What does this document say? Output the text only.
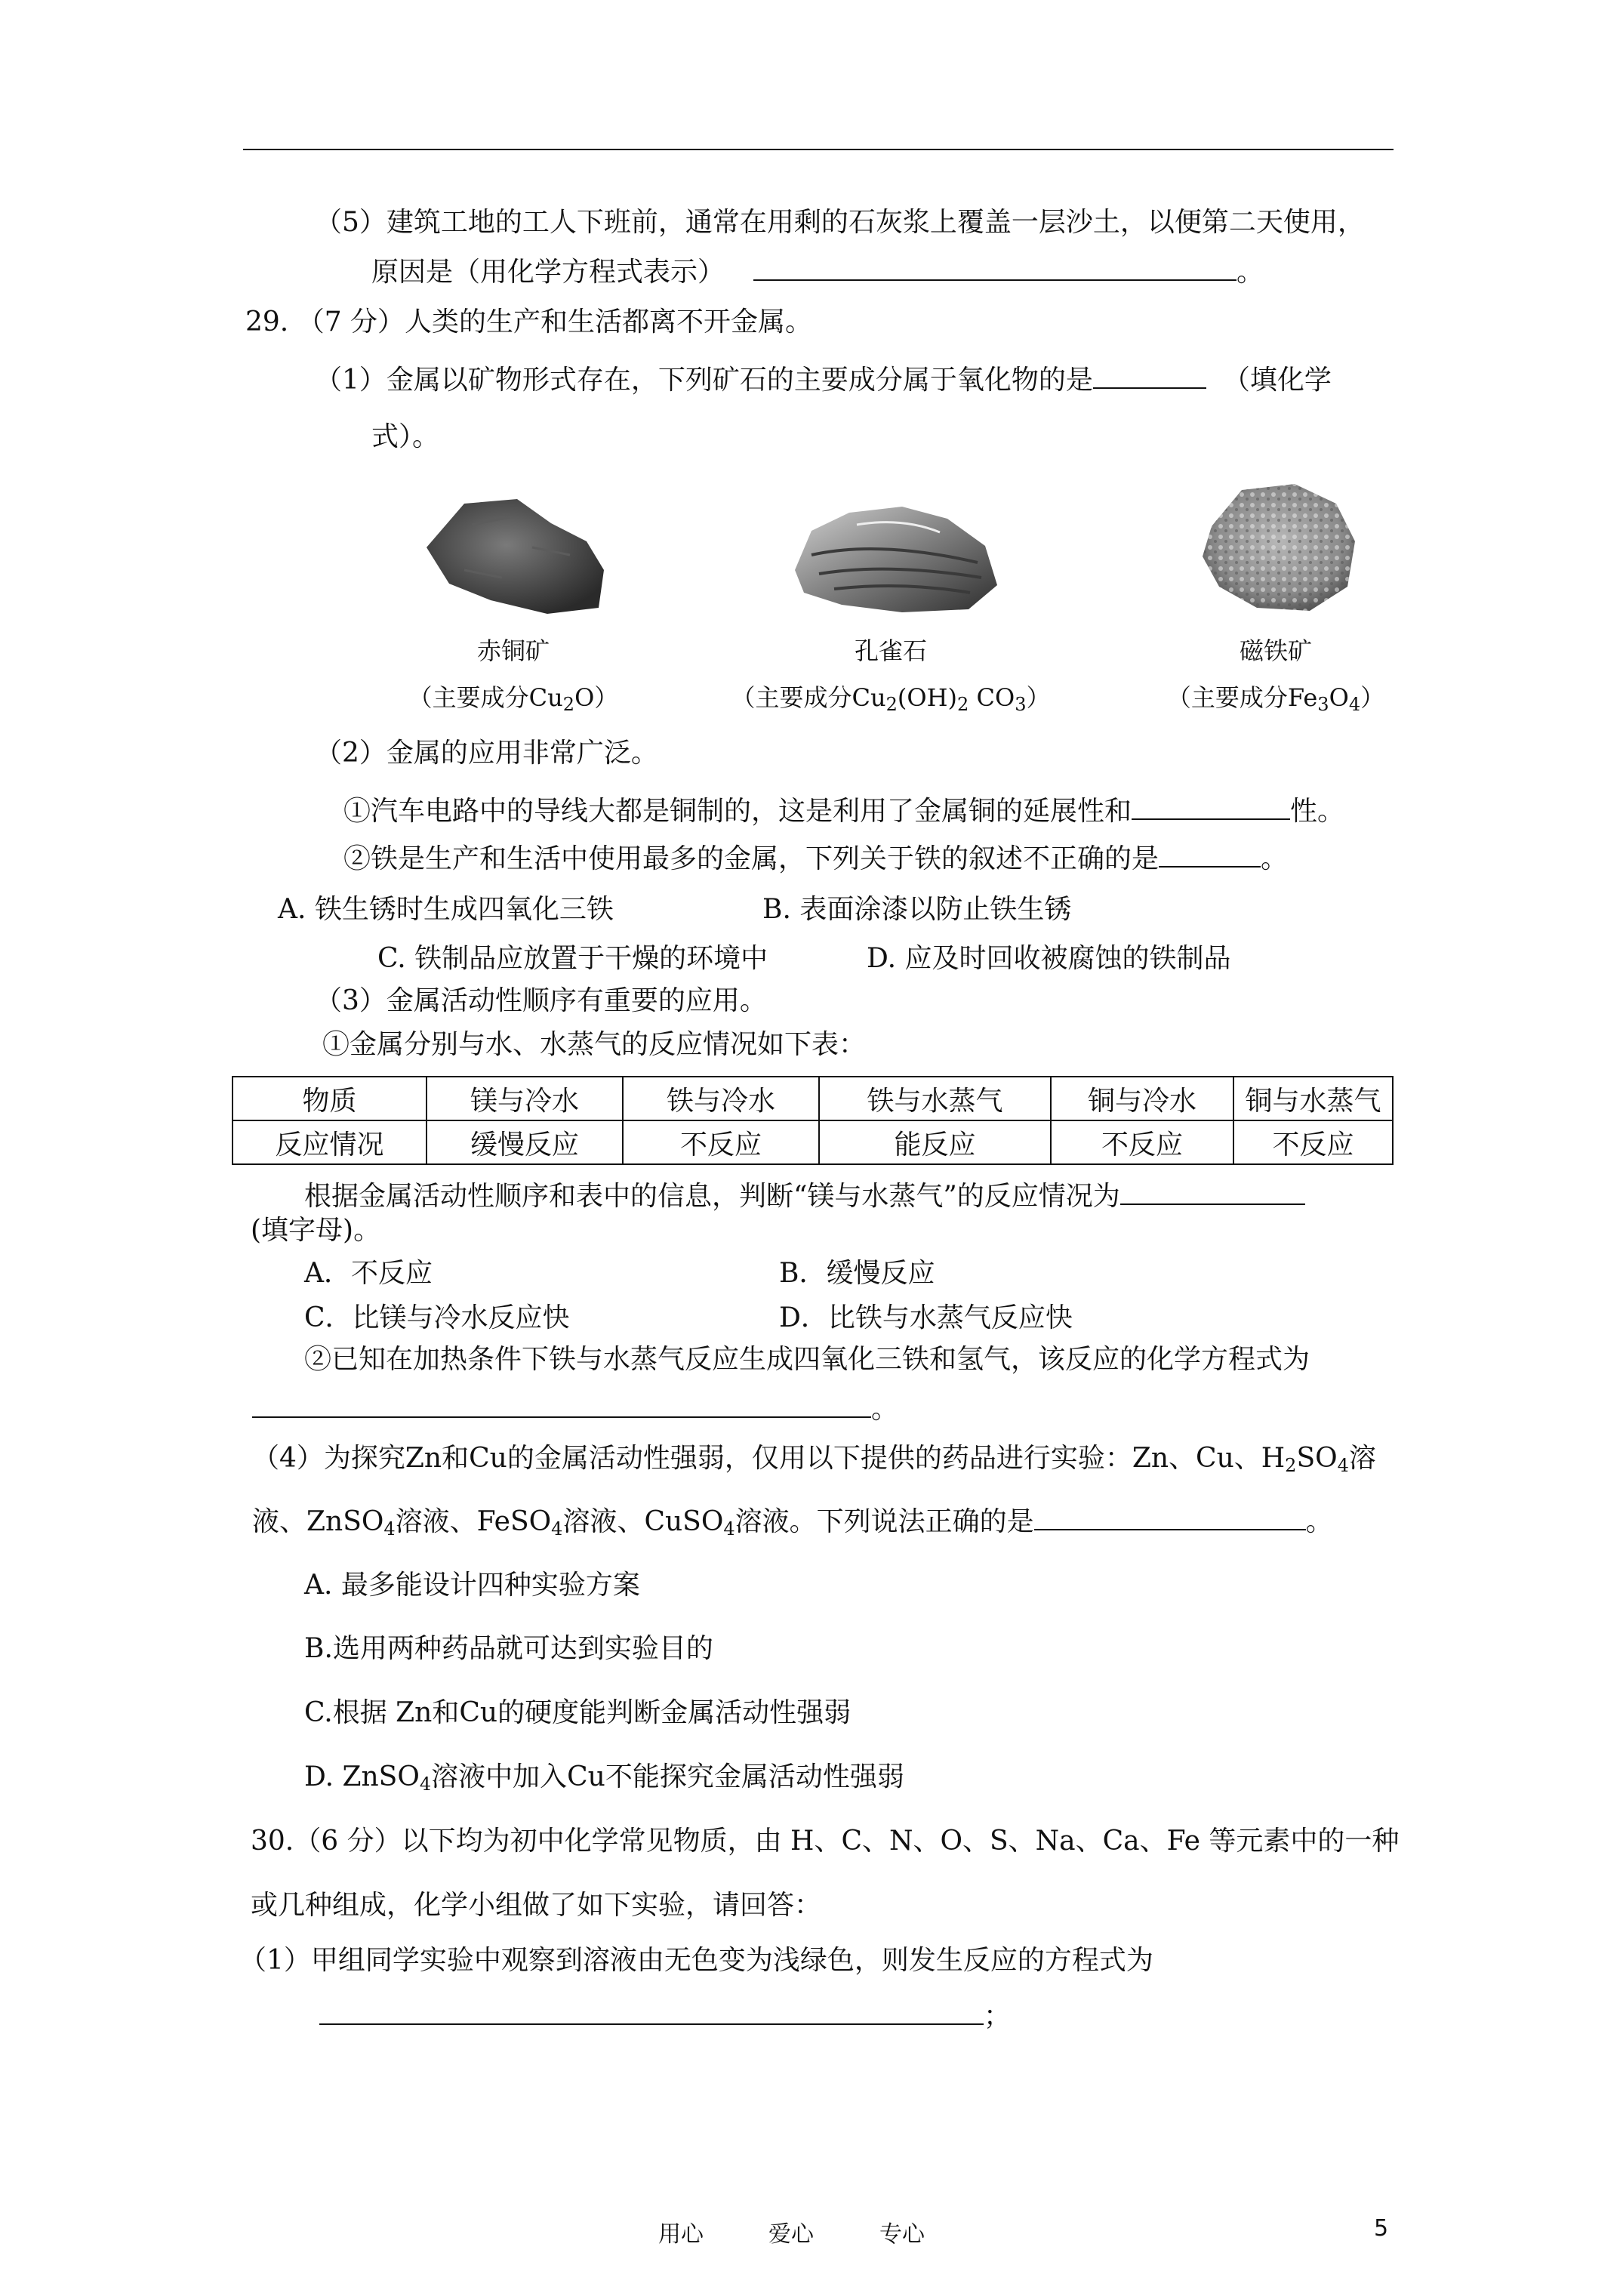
（5）建筑工地的工人下班前，通常在用剩的石灰浆上覆盖一层沙土，以便第二天使用，
原因是（用化学方程式表示）	。
29. （7 分）人类的生产和生活都离不开金属。
（1）金属以矿物形式存在，下列矿石的主要成分属于氧化物的是	（填化学
式）。
赤铜矿	孔雀石	磁铁矿
（主要成分$Cu_2O$）	（主要成分$Cu_2(OH)_2$ $CO_3$）	（主要成分$Fe_3O_4$）
（2）金属的应用非常广泛。
①汽车电路中的导线大都是铜制的，这是利用了金属铜的延展性和	性。
②铁是生产和生活中使用最多的金属，下列关于铁的叙述不正确的是	。
A. 铁生锈时生成四氧化三铁	B. 表面涂漆以防止铁生锈
C. 铁制品应放置于干燥的环境中	D. 应及时回收被腐蚀的铁制品
（3）金属活动性顺序有重要的应用。
①金属分别与水、水蒸气的反应情况如下表：
物质	镁与冷水	铁与冷水	铁与水蒸气	铜与冷水	铜与水蒸气
反应情况	缓慢反应	不反应	能反应	不反应	不反应
根据金属活动性顺序和表中的信息，判断“镁与水蒸气”的反应情况为
(填字母)。
A．不反应	B．缓慢反应
C．比镁与冷水反应快	D．比铁与水蒸气反应快
②已知在加热条件下铁与水蒸气反应生成四氧化三铁和氢气，该反应的化学方程式为
。
（4）为探究Zn和Cu的金属活动性强弱，仅用以下提供的药品进行实验：Zn、Cu、$H_2SO_4$溶
液、ZnSO$_4$溶液、FeSO$_4$溶液、CuSO$_4$溶液。下列说法正确的是	。
A. 最多能设计四种实验方案
B.选用两种药品就可达到实验目的
C.根据 Zn和Cu的硬度能判断金属活动性强弱
D. ZnSO$_4$溶液中加入Cu不能探究金属活动性强弱
30.（6 分）以下均为初中化学常见物质，由 H、C、N、O、S、Na、Ca、Fe 等元素中的一种
或几种组成，化学小组做了如下实验，请回答：
（1）甲组同学实验中观察到溶液由无色变为浅绿色，则发生反应的方程式为
；
用心	爱心	专心	5
